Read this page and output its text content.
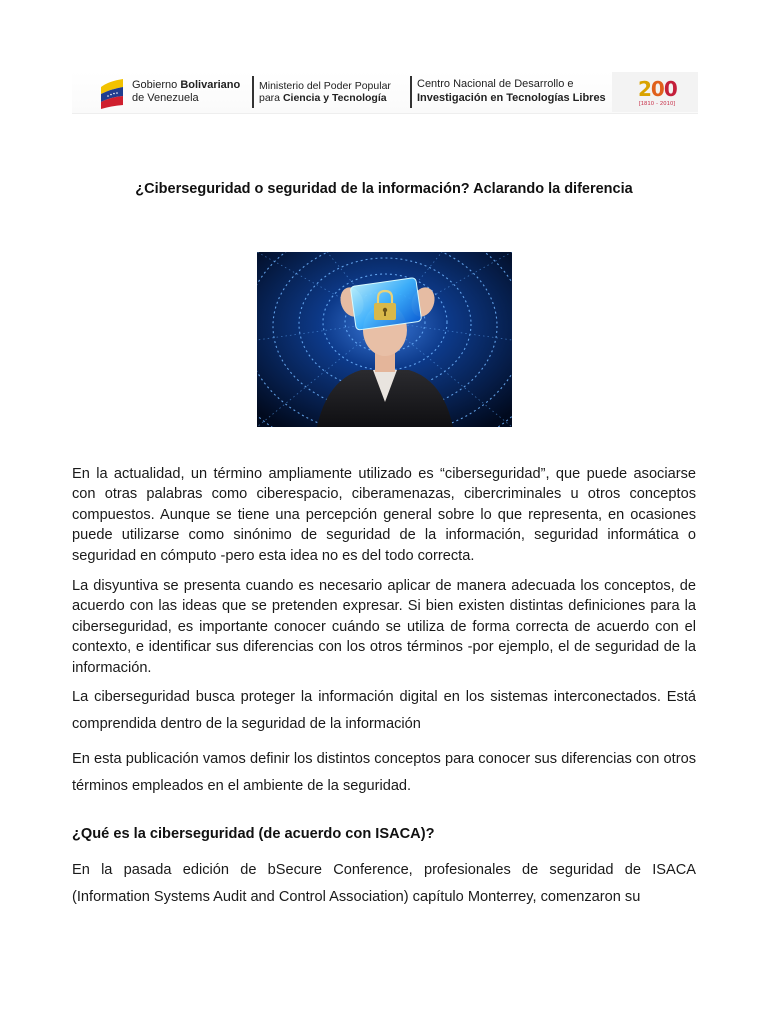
Gobierno Bolivariano
de Venezuela
Ministerio del Poder Popular
para Ciencia y Tecnología
Centro Nacional de Desarrollo e
Investigación en Tecnologías Libres 200
[1810 - 2010]
¿Ciberseguridad o seguridad de la información? Aclarando la diferencia

En la actualidad, un término ampliamente utilizado es “ciberseguridad”, que puede asociarse con otras palabras como ciberespacio, ciberamenazas, cibercriminales u otros conceptos compuestos. Aunque se tiene una percepción general sobre lo que representa, en ocasiones puede utilizarse como sinónimo de seguridad de la información, seguridad informática o seguridad en cómputo -pero esta idea no es del todo correcta.

La disyuntiva se presenta cuando es necesario aplicar de manera adecuada los conceptos, de acuerdo con las ideas que se pretenden expresar. Si bien existen distintas definiciones para la ciberseguridad, es importante conocer cuándo se utiliza de forma correcta de acuerdo con el contexto, e identificar sus diferencias con los otros términos -por ejemplo, el de seguridad de la información.

La ciberseguridad busca proteger la información digital en los sistemas interconectados. Está comprendida dentro de la seguridad de la información

En esta publicación vamos definir los distintos conceptos para conocer sus diferencias con otros términos empleados en el ambiente de la seguridad.

¿Qué es la ciberseguridad (de acuerdo con ISACA)?

En la pasada edición de bSecure Conference, profesionales de seguridad de ISACA (Information Systems Audit and Control Association) capítulo Monterrey, comenzaron su
